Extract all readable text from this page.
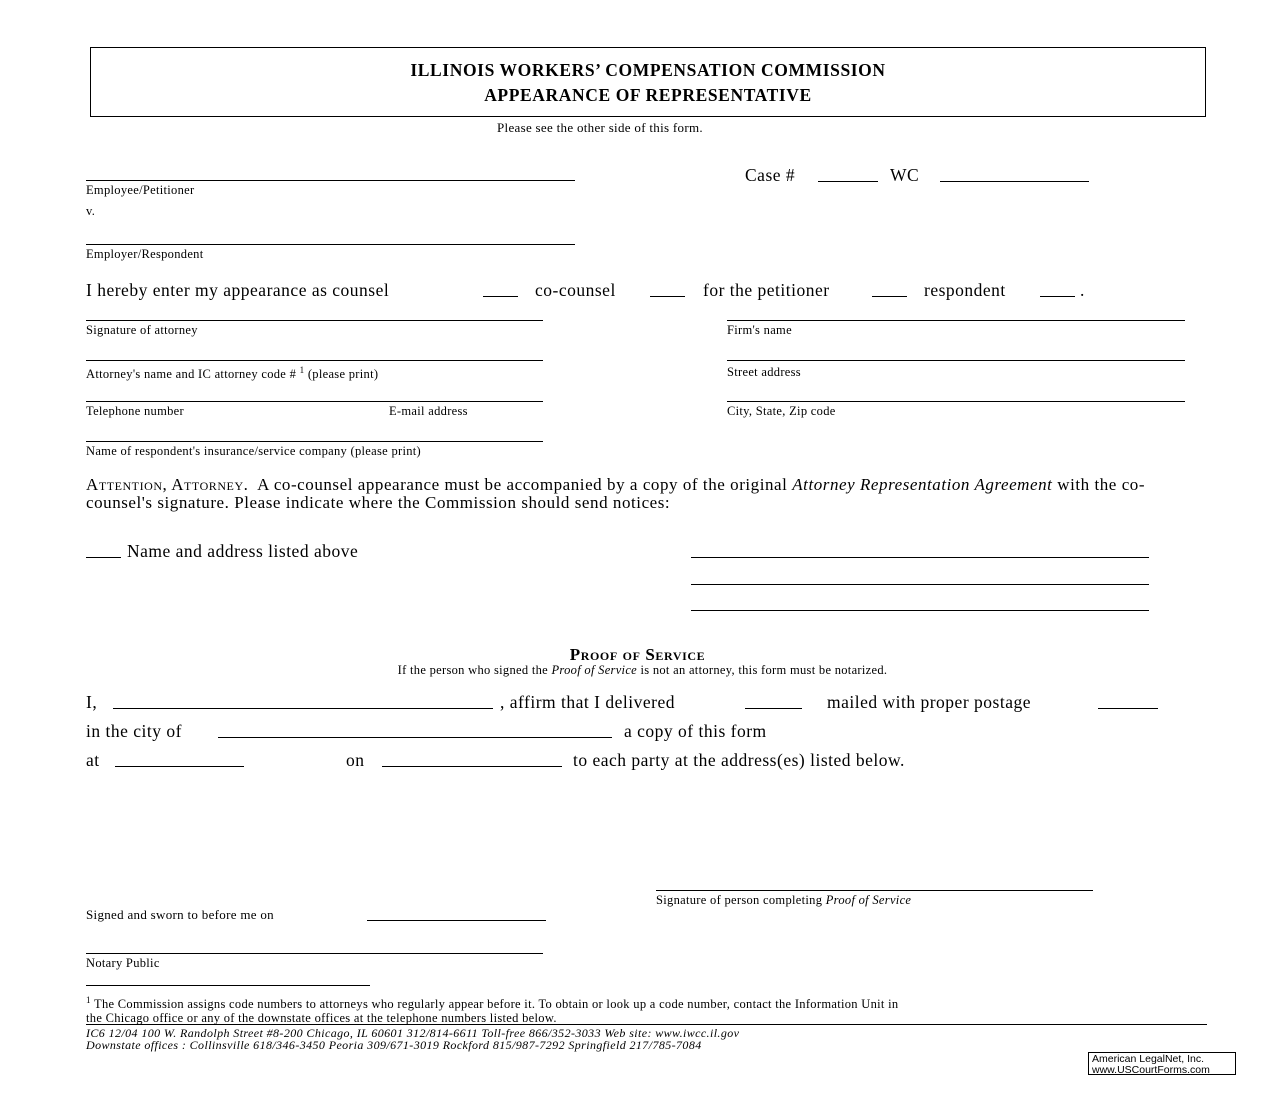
ILLINOIS WORKERS’ COMPENSATION COMMISSION
APPEARANCE OF REPRESENTATIVE
Please see the other side of this form.
Employee/Petitioner
v.
Employer/Respondent
Case #	WC
I hereby enter my appearance as counsel	co-counsel	for the petitioner	respondent	.
Signature of attorney
Attorney's name and IC attorney code # $^1$ (please print)
Telephone number	E-mail address
Name of respondent's insurance/service company (please print)
Firm's name
Street address
City, State, Zip code
Attention, Attorney. A co-counsel appearance must be accompanied by a copy of the original Attorney Representation Agreement with the co-counsel's signature. Please indicate where the Commission should send notices:
Name and address listed above
Proof of Service
If the person who signed the Proof of Service is not an attorney, this form must be notarized.
I,	, affirm that I delivered	mailed with proper postage
in the city of	a copy of this form
at	on	to each party at the address(es) listed below.
Signature of person completing Proof of Service
Signed and sworn to before me on
Notary Public
$^1$ The Commission assigns code numbers to attorneys who regularly appear before it. To obtain or look up a code number, contact the Information Unit in
the Chicago office or any of the downstate offices at the telephone numbers listed below.
IC6 12/04 100 W. Randolph Street #8-200 Chicago, IL 60601 312/814-6611 Toll-free 866/352-3033 Web site: www.iwcc.il.gov
Downstate offices : Collinsville 618/346-3450 Peoria 309/671-3019 Rockford 815/987-7292 Springfield 217/785-7084
American LegalNet, Inc.
www.USCourtForms.com
